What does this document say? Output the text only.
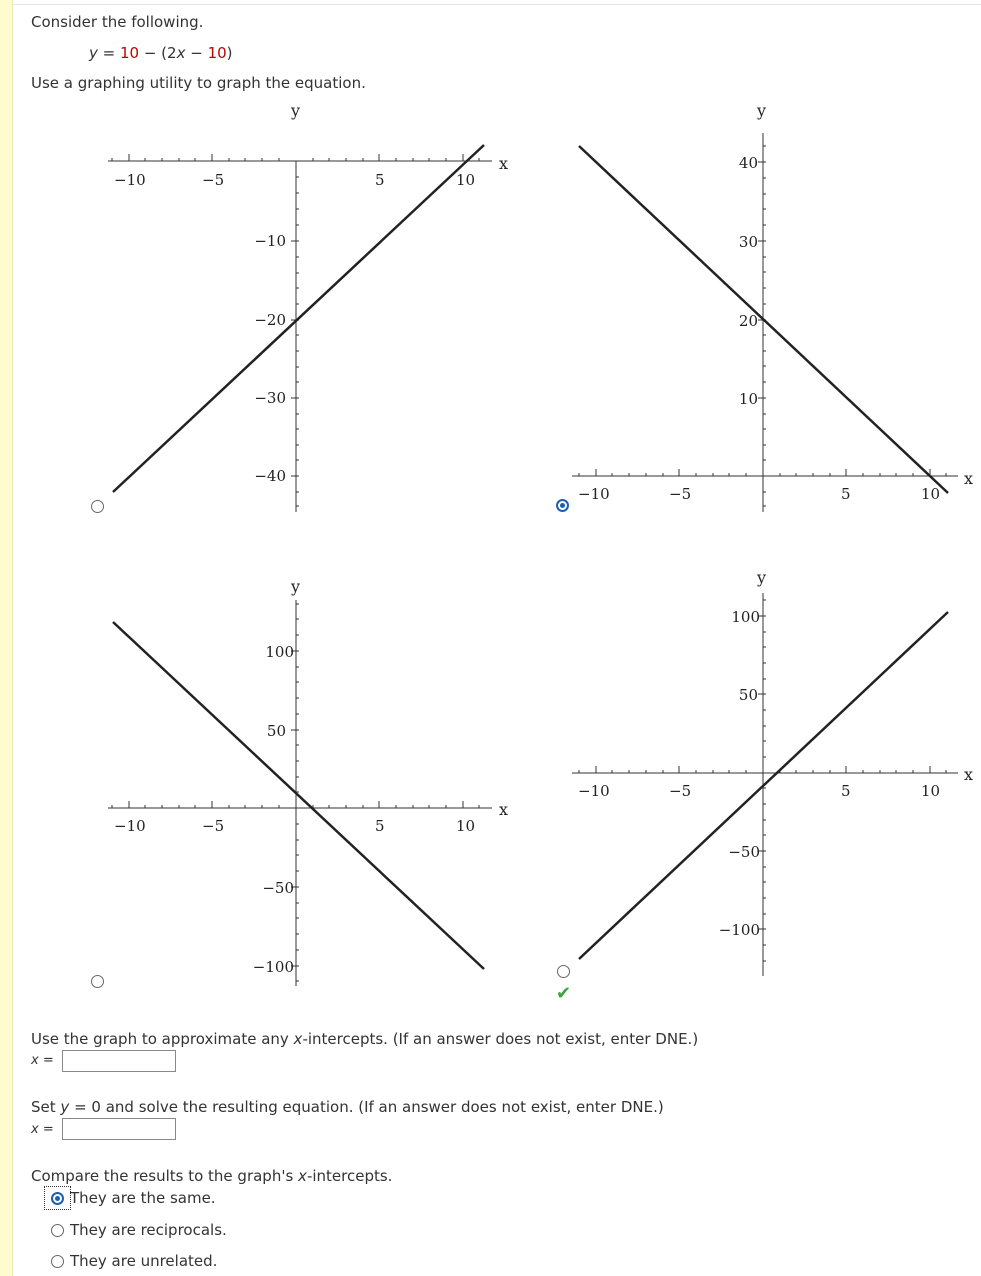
Consider the following.
y = 10 − (2x − 10)
Use a graphing utility to graph the equation.
−10	−5	5	10
−10
−20
−30
−40
x
y
−10	−5	5	10
40
30
20
10
x
y
−10	−5	5	10
100
50
−50
−100
x
y
−10	−5	5	10
100
50
−50
−100
x
y
✔
Use the graph to approximate any x-intercepts. (If an answer does not exist, enter DNE.)
x =
Set y = 0 and solve the resulting equation. (If an answer does not exist, enter DNE.)
x =
Compare the results to the graph's x-intercepts.
They are the same.
They are reciprocals.
They are unrelated.
